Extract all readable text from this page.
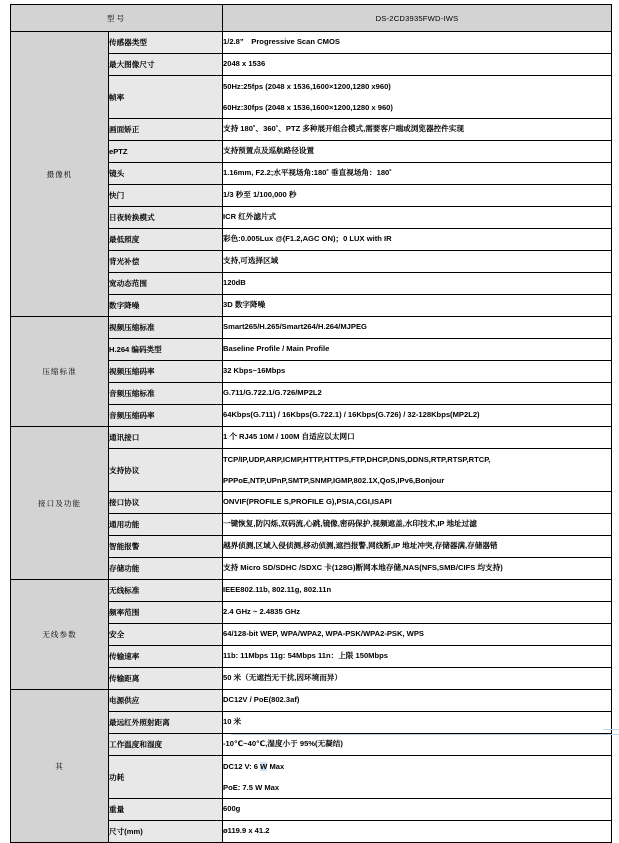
型号		DS-2CD3935FWD-IWS
摄像机	传感器类型	1/2.8”　Progressive Scan CMOS

	最大图像尺寸	2048 x 1536

	帧率	50Hz:25fps (2048 x 1536,1600×1200,1280 x960)
60Hz:30fps (2048 x 1536,1600×1200,1280 x 960)

	画面矫正	支持 180˚、360˚、PTZ 多种展开组合模式,需要客户端或浏览器控件实现

	ePTZ	支持预置点及巡航路径设置

	镜头	1.16mm, F2.2;水平视场角:180˚ 垂直视场角：180˚

	快门	1/3 秒至 1/100,000 秒

	日夜转换模式	ICR 红外滤片式

	最低照度	彩色:0.005Lux @(F1.2,AGC ON)；0 LUX with IR

	背光补偿	支持,可选择区域

	宽动态范围	120dB

	数字降噪	3D 数字降噪

压缩标准	视频压缩标准	Smart265/H.265/Smart264/H.264/MJPEG

	H.264 编码类型	Baseline Profile / Main Profile

	视频压缩码率	32 Kbps~16Mbps

	音频压缩标准	G.711/G.722.1/G.726/MP2L2

	音频压缩码率	64Kbps(G.711) / 16Kbps(G.722.1) / 16Kbps(G.726) / 32-128Kbps(MP2L2)

接口及功能	通讯接口	1 个 RJ45 10M / 100M 自适应以太网口

	支持协议	TCP/IP,UDP,ARP,ICMP,HTTP,HTTPS,FTP,DHCP,DNS,DDNS,RTP,RTSP,RTCP,
PPPoE,NTP,UPnP,SMTP,SNMP,IGMP,802.1X,QoS,IPv6,Bonjour

	接口协议	ONVIF(PROFILE S,PROFILE G),PSIA,CGI,ISAPI

	通用功能	一键恢复,防闪烁,双码流,心跳,镜像,密码保护,视频遮盖,水印技术,IP 地址过滤

	智能报警	越界侦测,区域入侵侦测,移动侦测,遮挡报警,网线断,IP 地址冲突,存储器满,存储器错

	存储功能	支持 Micro SD/SDHC /SDXC 卡(128G)断网本地存储,NAS(NFS,SMB/CIFS 均支持)

无线参数	无线标准	IEEE802.11b, 802.11g, 802.11n

	频率范围	2.4 GHz ~ 2.4835 GHz

	安全	64/128-bit WEP, WPA/WPA2, WPA-PSK/WPA2-PSK, WPS

	传输速率	11b: 11Mbps 11g: 54Mbps 11n：上限 150Mbps

	传输距离	50 米（无遮挡无干扰,因环境而异）

其	电源供应	DC12V / PoE(802.3af)

	最远红外照射距离	10 米

	工作温度和湿度	-10℃~40℃,湿度小于 95%(无凝结)

	功耗	DC12 V: 6 W Max
PoE: 7.5 W Max

	重量	600g

	尺寸(mm)	ø119.9 x 41.2
